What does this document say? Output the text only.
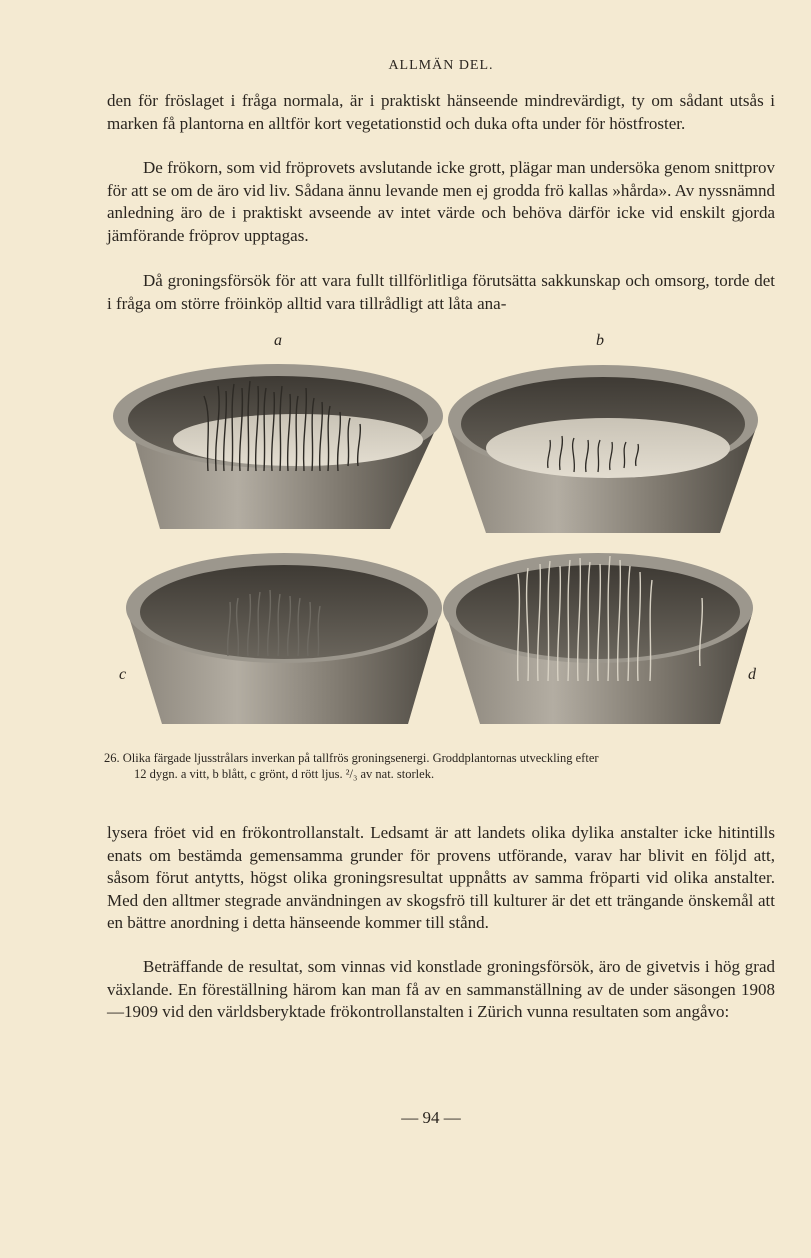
ALLMÄN DEL.

den för fröslaget i fråga normala, är i praktiskt hänseende mindrevärdigt, ty om sådant utsås i marken få plantorna en alltför kort vegetationstid och duka ofta under för höstfroster.

De frökorn, som vid fröprovets avslutande icke grott, plägar man undersöka genom snittprov för att se om de äro vid liv. Sådana ännu levande men ej grodda frö kallas »hårda». Av nyssnämnd anledning äro de i praktiskt avseende av intet värde och behöva därför icke vid enskilt gjorda jämförande fröprov upptagas.

Då groningsförsök för att vara fullt tillförlitliga förutsätta sakkunskap och omsorg, torde det i fråga om större fröinköp alltid vara tillrådligt att låta ana-

a	b
c	d
26. Olika färgade ljusstrålars inverkan på tallfrös groningsenergi. Groddplantornas utveckling efter
12 dygn. a vitt, b blått, c grönt, d rött ljus. ²/₃ av nat. storlek.

lysera fröet vid en frökontrollanstalt. Ledsamt är att landets olika dylika anstalter icke hitintills enats om bestämda gemensamma grunder för provens utförande, varav har blivit en följd att, såsom förut antytts, högst olika groningsresultat uppnåtts av samma fröparti vid olika anstalter. Med den alltmer stegrade användningen av skogsfrö till kulturer är det ett trängande önskemål att en bättre anordning i detta hänseende kommer till stånd.

Beträffande de resultat, som vinnas vid konstlade groningsförsök, äro de givetvis i hög grad växlande. En föreställning härom kan man få av en sammanställning av de under säsongen 1908—1909 vid den världsberyktade frökontrollanstalten i Zürich vunna resultaten som angåvo:

— 94 —
